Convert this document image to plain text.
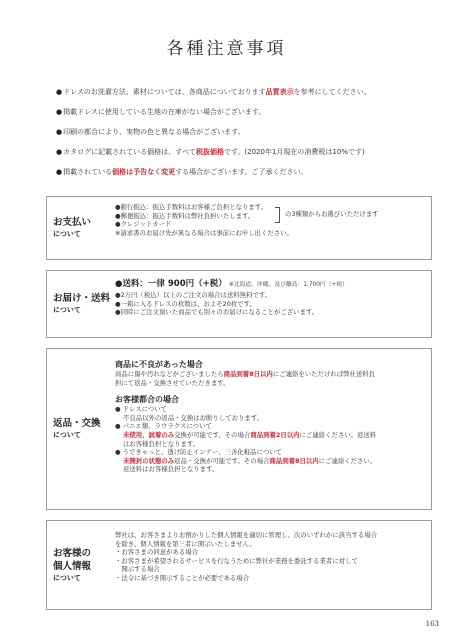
各種注意事項
●ドレスのお洗濯方法、素材については、各商品についております品質表示を参考にしてください。
●掲載ドレスに使用している生地の在庫がない場合がございます。
●印刷の都合により、実物の色と異なる場合がございます。
●カタログに記載されている価格は、すべて税抜価格です。(2020年1月現在の消費税は10%です)
●掲載されている価格は予告なく変更する場合がございます。ご了承ください。
お支払い
について
●銀行振込：振込手数料はお客様ご負担となります。
●郵便振込：振込手数料は弊社負担いたします。
●クレジットカード
※請求書のお届け先が異なる場合は事前にお申し出ください。
の3種類からお選びいただけます
お届け・送料
について
●送料：一律 900円（+税）　 ※北海道、沖縄、及び離島：1,700円（+税）
●2万円（税込）以上のご注文の場合は送料無料です。
●一箱に入るドレスの枚数は、およそ20枚です。
●同時にご注文頂いた商品でも別々のお届けになることがございます。
返品・交換
について
商品に不良があった場合
商品に傷や汚れなどがございましたら商品到着8日以内にご連絡をいただければ弊社送料負
担にて返品・交換させていただきます。
お客様都合の場合
● ドレスについて
不良品以外の返品・交換はお断りしております。
● パニエ類、ラウラクスについて
未使用、試着のみ交換が可能です。その場合商品到着2日以内にご連絡ください。返送料
はお客様負担となります。
● うできゃっと、透け防止インナー、三善化粧品について
未開封の状態のみ返品・交換が可能です。その場合商品到着8日以内にご連絡ください。
返送料はお客様負担となります。
お客様の
個人情報
について
弊社は、お客さまよりお預かりした個人情報を適切に管理し、次のいずれかに該当する場合
を除き、個人情報を第三者に開示いたしません。
・お客さまの同意がある場合
・お客さまが希望されるサービスを行なうために弊社が業務を委託する業者に対して
　開示する場合
・法令に基づき開示することが必要である場合
163
